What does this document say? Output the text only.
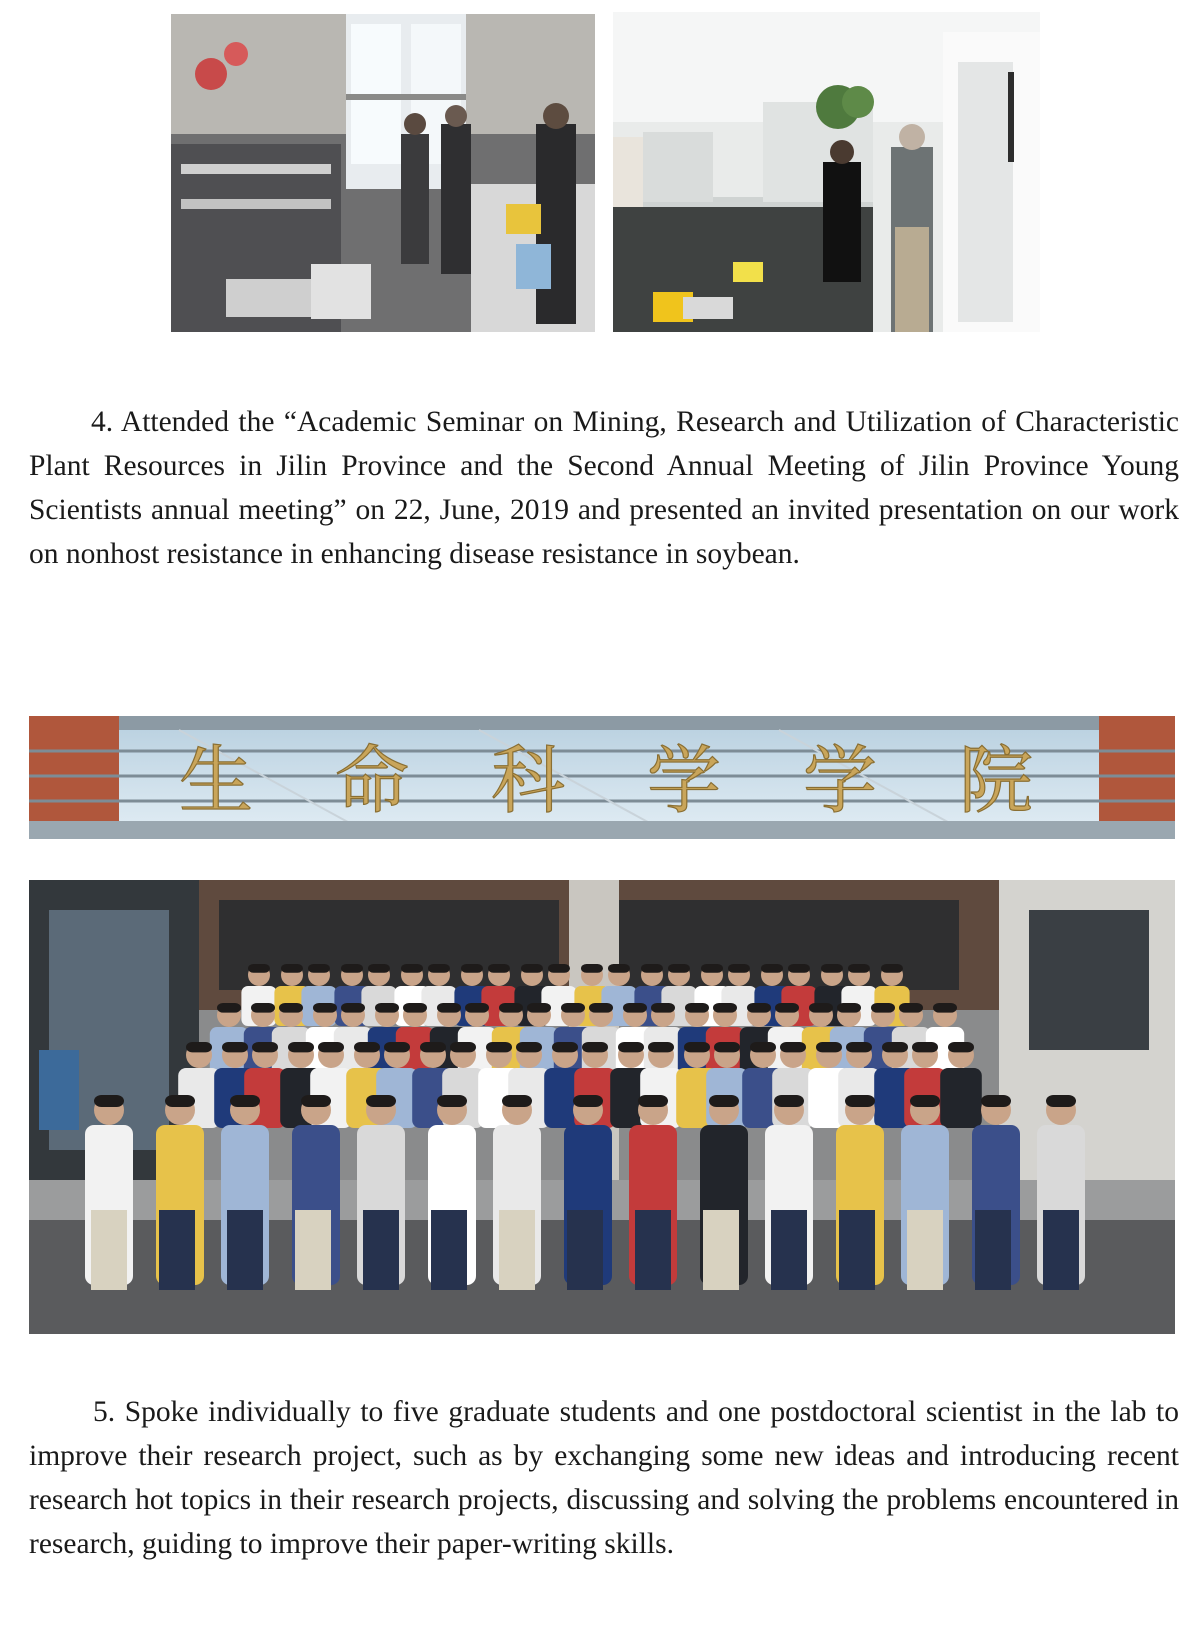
4. Attended the “Academic Seminar on Mining, Research and Utilization of Characteristic Plant Resources in Jilin Province and the Second Annual Meeting of Jilin Province Young Scientists annual meeting” on 22, June, 2019 and presented an invited presentation on our work on nonhost resistance in enhancing disease resistance in soybean.

生命科学学院

5. Spoke individually to five graduate students and one postdoctoral scientist in the lab to improve their research project, such as by exchanging some new ideas and introducing recent research hot topics in their research projects, discussing and solving the problems encountered in research, guiding to improve their paper-writing skills.
